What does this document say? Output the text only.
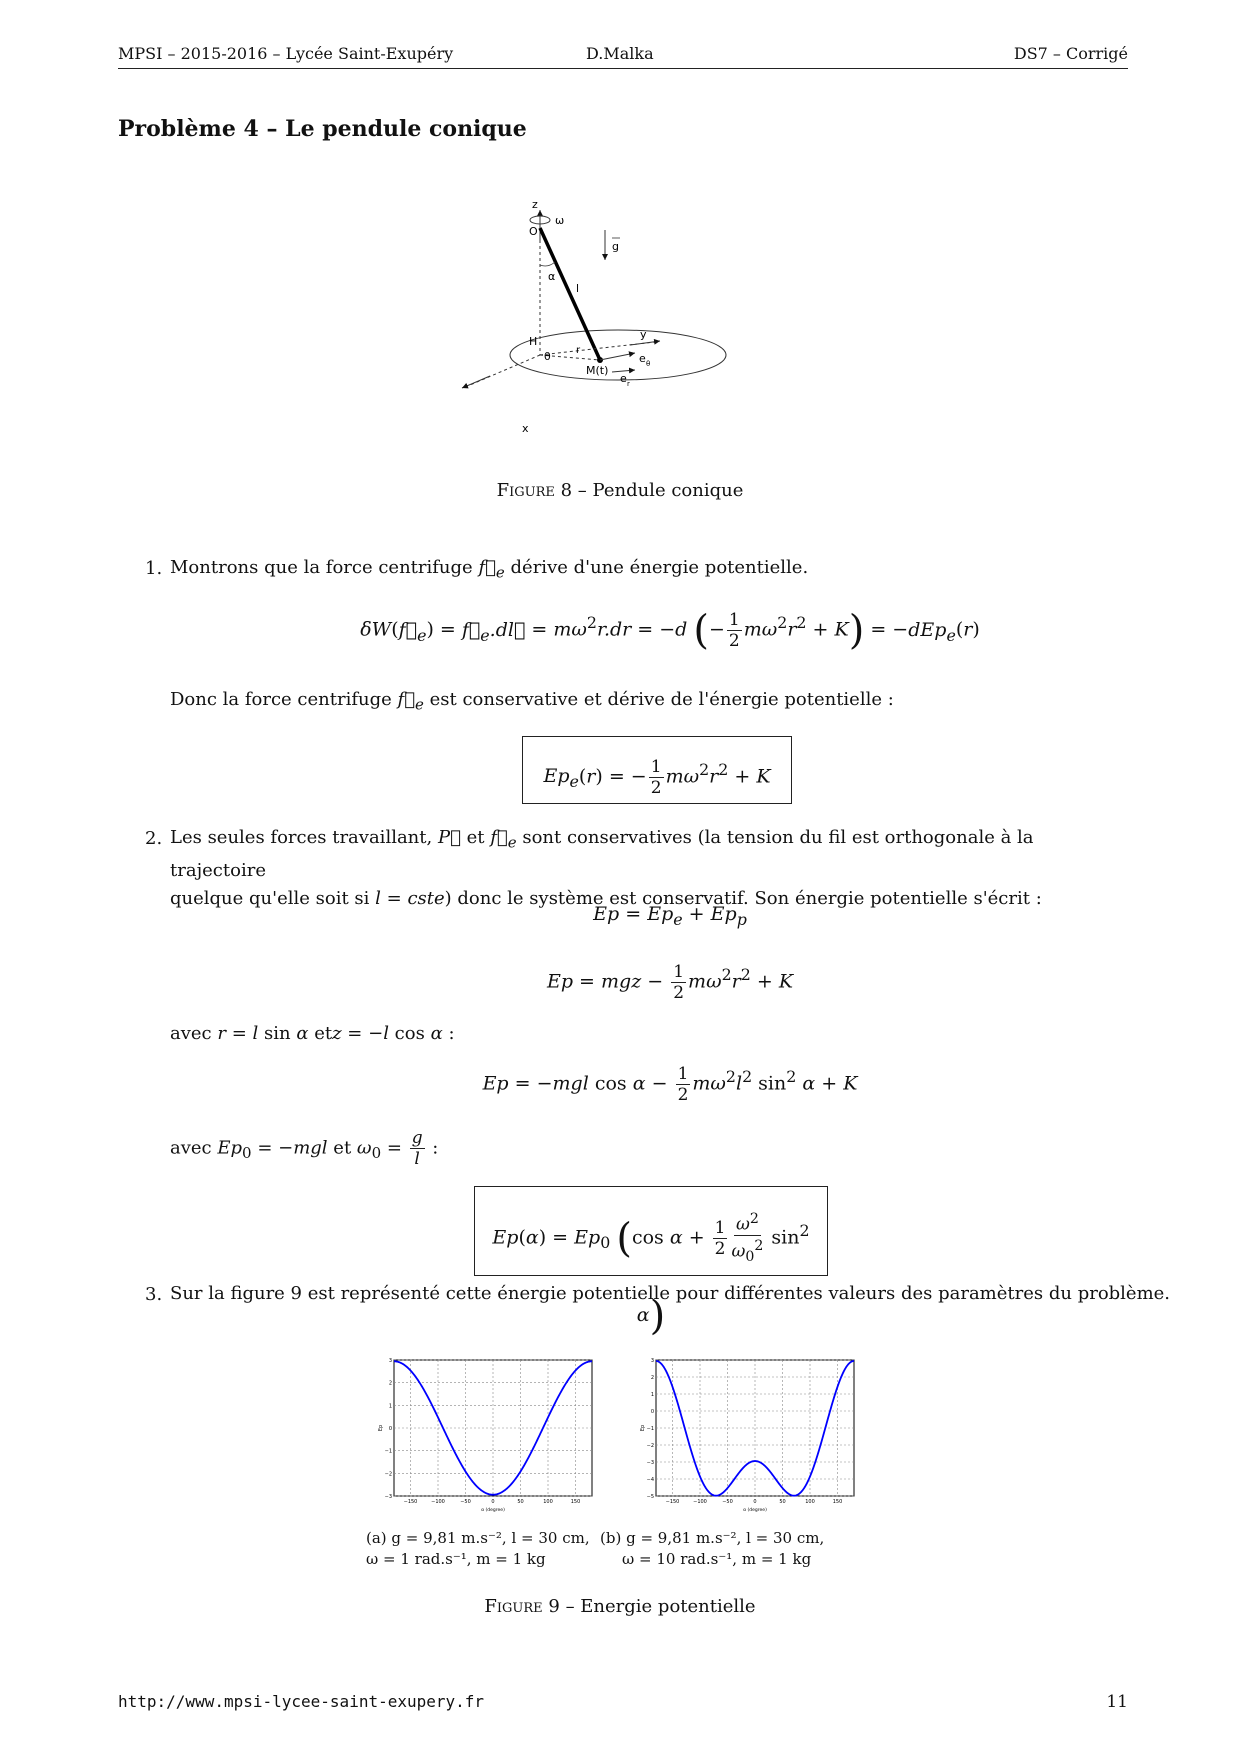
MPSI – 2015-2016 – Lycée Saint-Exupéry	D.Malka	DS7 – Corrigé
Problème 4 – Le pendule conique
z
ω
O
g
α
l
H
y
θ	r
M(t)
e θ
e r
x
Figure 8 – Pendule conique
1. Montrons que la force centrifuge $f⃗_e$ dérive d'une énergie potentielle.
$\delta W(f⃗_e)$ = $f⃗_e.dl⃗ = m\omega^2r.dr = -d$ (− $\frac{1}{2} m\omega^2r^2 + K) = -dEp_e(r)$
Donc la force centrifuge $f⃗_e$ est conservative et dérive de l'énergie potentielle :
$Ep_e(r)$ = − $\frac{1}{2} m\omega^2r^2 + K$
2. Les seules forces travaillant, P⃗ et $f⃗_e$ sont conservatives (la tension du fil est orthogonale à la trajectoire
quelque qu'elle soit si l = cste) donc le système est conservatif. Son énergie potentielle s'écrit :
$Ep = Ep_e + Ep_p$
Ep = mgz − $\frac{1}{2} m\omega^2r^2 + K$
avec r = l sin α etz = −l cos α :
Ep = −mgl $\cos \alpha - \frac{1}{2} m\omega^2l^2$ $\sin^2 \alpha + K$
avec $Ep_0 = -mgl$ et $\omega_0 = \frac{g}{l}$ :
$Ep(\alpha) = Ep_0$ (cos $\alpha + \frac{1}{2} \frac{\omega^2}{\omega_0^2} \sin^2 \alpha$)
3. Sur la figure 9 est représenté cette énergie potentielle pour différentes valeurs des paramètres du problème.
−150	−100	−50	0	50	100	150
−3
−2
−1
0
1
2
3
α (degree)
Ep
−150	−100	−50	0	50	100	150
−5
−4
−3
−2
−1
0
1
2
3
α (degree)
Ep
(a) g = 9,81 m.s⁻², l = 30 cm,
ω = 1 rad.s⁻¹, m = 1 kg
(b) g = 9,81 m.s⁻², l = 30 cm,
ω = 10 rad.s⁻¹, m = 1 kg
Figure 9 – Energie potentielle
http://www.mpsi-lycee-saint-exupery.fr	11
